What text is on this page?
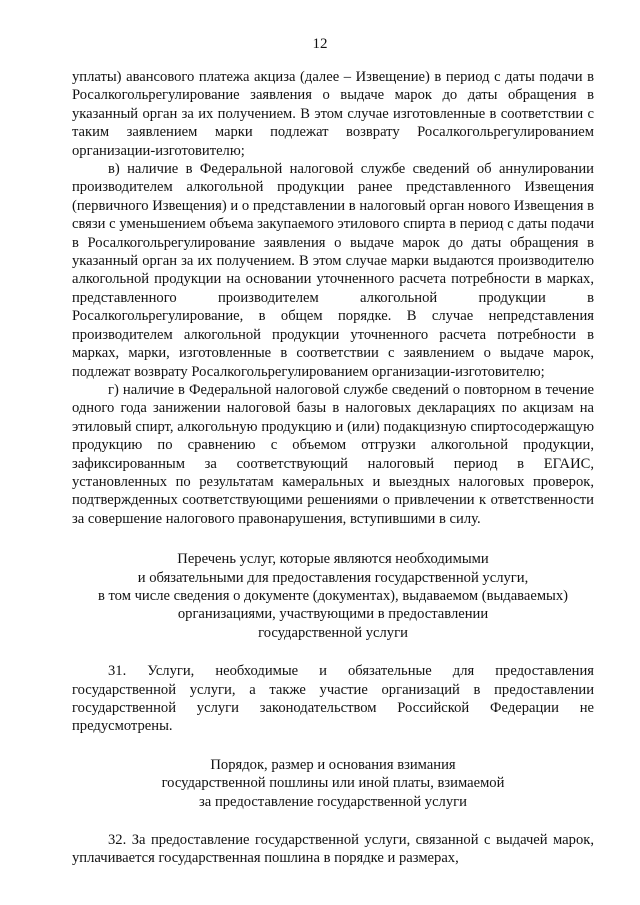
12

уплаты) авансового платежа акциза (далее – Извещение) в период с даты подачи в Росалкогольрегулирование заявления о выдаче марок до даты обращения в указанный орган за их получением. В этом случае изготовленные в соответствии с таким заявлением марки подлежат возврату Росалкогольрегулированием организации-изготовителю;

в) наличие в Федеральной налоговой службе сведений об аннулировании производителем алкогольной продукции ранее представленного Извещения (первичного Извещения) и о представлении в налоговый орган нового Извещения в связи с уменьшением объема закупаемого этилового спирта в период с даты подачи в Росалкогольрегулирование заявления о выдаче марок до даты обращения в указанный орган за их получением. В этом случае марки выдаются производителю алкогольной продукции на основании уточненного расчета потребности в марках, представленного производителем алкогольной продукции в Росалкогольрегулирование, в общем порядке. В случае непредставления производителем алкогольной продукции уточненного расчета потребности в марках, марки, изготовленные в соответствии с заявлением о выдаче марок, подлежат возврату Росалкогольрегулированием организации-изготовителю;

г) наличие в Федеральной налоговой службе сведений о повторном в течение одного года занижении налоговой базы в налоговых декларациях по акцизам на этиловый спирт, алкогольную продукцию и (или) подакцизную спиртосодержащую продукцию по сравнению с объемом отгрузки алкогольной продукции, зафиксированным за соответствующий налоговый период в ЕГАИС, установленных по результатам камеральных и выездных налоговых проверок, подтвержденных соответствующими решениями о привлечении к ответственности за совершение налогового правонарушения, вступившими в силу.

Перечень услуг, которые являются необходимыми
и обязательными для предоставления государственной услуги,
в том числе сведения о документе (документах), выдаваемом (выдаваемых)
организациями, участвующими в предоставлении
государственной услуги

31. Услуги, необходимые и обязательные для предоставления государственной услуги, а также участие организаций в предоставлении государственной услуги законодательством Российской Федерации не предусмотрены.

Порядок, размер и основания взимания
государственной пошлины или иной платы, взимаемой
за предоставление государственной услуги

32. За предоставление государственной услуги, связанной с выдачей марок, уплачивается государственная пошлина в порядке и размерах,
